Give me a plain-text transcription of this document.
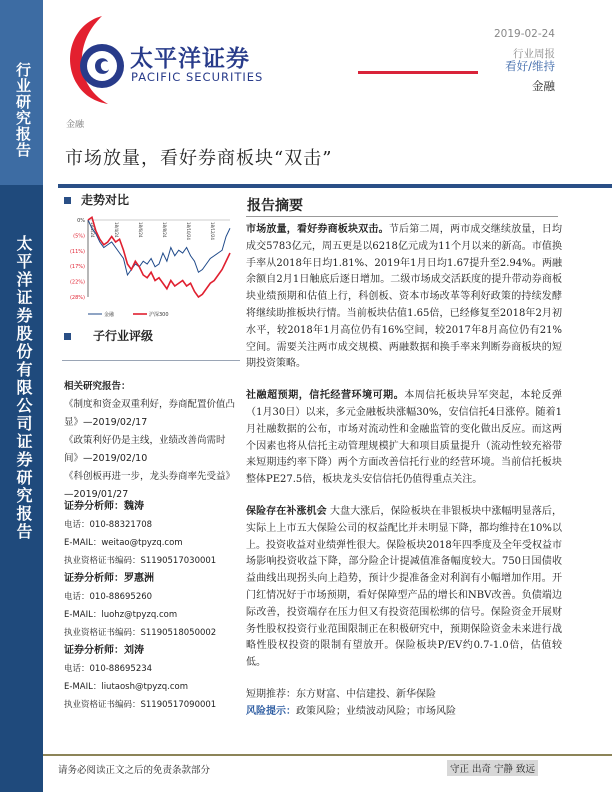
行业研究报告
太平洋证券股份有限公司证券研究报告
太平洋证券
PACIFIC SECURITIES
2019-02-24
行业周报
看好/维持
金融
金融
市场放量，看好券商板块“双击”
走势对比
0%
(5%)
(11%)
(17%)
(22%)
(28%)
18/2/24	18/4/24	18/6/24	18/8/24	18/10/24	18/12/24
金融	沪深300
子行业评级
相关研究报告：
《制度和资金双重利好，券商配置价值凸显》—2019/02/17
《政策利好仍是主线，业绩改善尚需时间》—2019/02/10
《科创板再进一步，龙头券商率先受益》—2019/01/27
证券分析师：魏涛
电话：010-88321708
E-MAIL：weitao@tpyzq.com
执业资格证书编码：S1190517030001
证券分析师：罗惠洲
电话：010-88695260
E-MAIL：luohz@tpyzq.com
执业资格证书编码：S1190518050002
证券分析师：刘涛
电话：010-88695234
E-MAIL：liutaosh@tpyzq.com
执业资格证书编码：S1190517090001
报告摘要

市场放量，看好券商板块双击。节后第二周，两市成交继续放量，日均成交5783亿元，周五更是以6218亿元成为11个月以来的新高。市值换手率从2018年日均1.81%、2019年1月日均1.67提升至2.94%。两融余额自2月1日触底后逐日增加。二级市场成交活跃度的提升带动券商板块业绩预期和估值上行，科创板、资本市场改革等利好政策的持续发酵将继续助推板块行情。当前板块估值1.65倍，已经修复至2018年2月初水平，较2018年1月高位仍有16%空间，较2017年8月高位仍有21%空间。需要关注两市成交规模、两融数据和换手率来判断券商板块的短期投资策略。

社融超预期，信托经营环境可期。本周信托板块异军突起，本轮反弹（1月30日）以来，多元金融板块涨幅30%，安信信托4日涨停。随着1月社融数据的公布，市场对流动性和金融监管的变化做出反应。而这两个因素也将从信托主动管理规模扩大和项目质量提升（流动性较充裕带来短期违约率下降）两个方面改善信托行业的经营环境。当前信托板块整体PE27.5倍，板块龙头安信信托仍值得重点关注。

保险存在补涨机会 大盘大涨后，保险板块在非银板块中涨幅明显落后，实际上上市五大保险公司的权益配比并未明显下降，都均维持在10%以上。投资收益对业绩弹性很大。保险板块2018年四季度及全年受权益市场影响投资收益下降，部分险企计提减值准备幅度较大。750日国债收益曲线出现拐头向上趋势，预计少提准备金对利润有小幅增加作用。开门红情况好于市场预期，看好保障型产品的增长和NBV改善。负债端边际改善，投资端存在压力但又有投资范围松绑的信号。保险资金开展财务性股权投资行业范围限制正在积极研究中，预期保险资金未来进行战略性股权投资的限制有望放开。保险板块P/EV约0.7-1.0倍，估值较低。

短期推荐：东方财富、中信建投、新华保险
风险提示：政策风险；业绩波动风险；市场风险
请务必阅读正文之后的免责条款部分	守正 出奇 宁静 致远
